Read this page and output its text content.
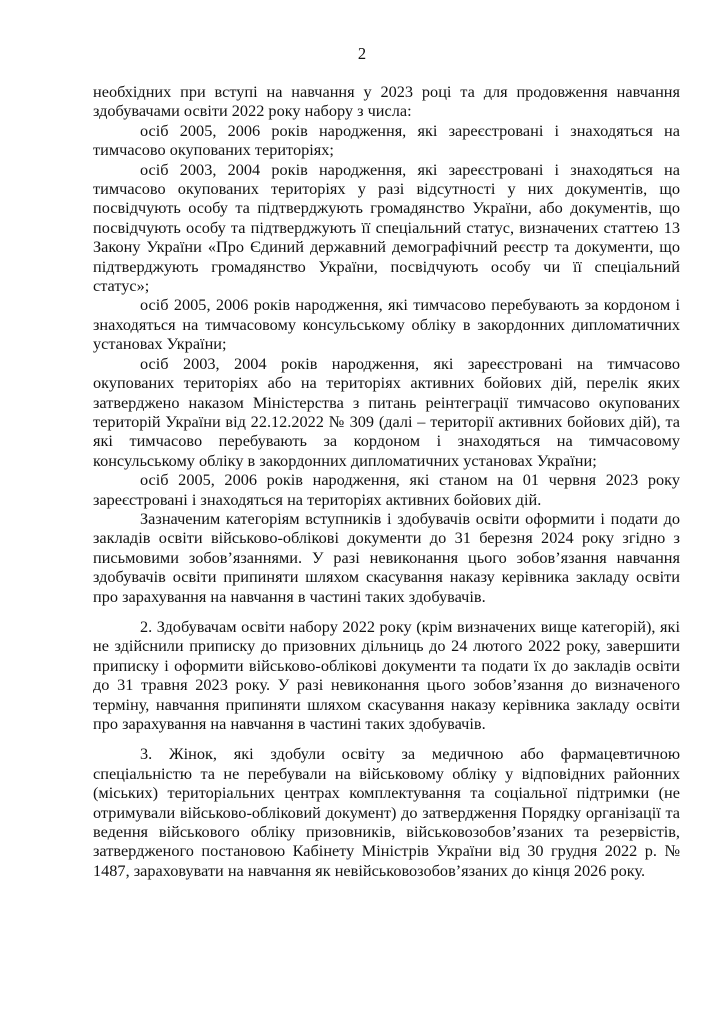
2

необхідних при вступі на навчання у 2023 році та для продовження навчання здобувачами освіти 2022 року набору з числа:

осіб 2005, 2006 років народження, які зареєстровані і знаходяться на тимчасово окупованих територіях;

осіб 2003, 2004 років народження, які зареєстровані і знаходяться на тимчасово окупованих територіях у разі відсутності у них документів, що посвідчують особу та підтверджують громадянство України, або документів, що посвідчують особу та підтверджують її спеціальний статус, визначених статтею 13 Закону України «Про Єдиний державний демографічний реєстр та документи, що підтверджують громадянство України, посвідчують особу чи її спеціальний статус»;

осіб 2005, 2006 років народження, які тимчасово перебувають за кордоном і знаходяться на тимчасовому консульському обліку в закордонних дипломатичних установах України;

осіб 2003, 2004 років народження, які зареєстровані на тимчасово окупованих територіях або на територіях активних бойових дій, перелік яких затверджено наказом Міністерства з питань реінтеграції тимчасово окупованих територій України від 22.12.2022 № 309 (далі – території активних бойових дій), та які тимчасово перебувають за кордоном і знаходяться на тимчасовому консульському обліку в закордонних дипломатичних установах України;

осіб 2005, 2006 років народження, які станом на 01 червня 2023 року зареєстровані і знаходяться на територіях активних бойових дій.

Зазначеним категоріям вступників і здобувачів освіти оформити і подати до закладів освіти військово-облікові документи до 31 березня 2024 року згідно з письмовими зобов’язаннями. У разі невиконання цього зобов’язання навчання здобувачів освіти припиняти шляхом скасування наказу керівника закладу освіти про зарахування на навчання в частині таких здобувачів.

2. Здобувачам освіти набору 2022 року (крім визначених вище категорій), які не здійснили приписку до призовних дільниць до 24 лютого 2022 року, завершити приписку і оформити військово-облікові документи та подати їх до закладів освіти до 31 травня 2023 року. У разі невиконання цього зобов’язання до визначеного терміну, навчання припиняти шляхом скасування наказу керівника закладу освіти про зарахування на навчання в частині таких здобувачів.

3. Жінок, які здобули освіту за медичною або фармацевтичною спеціальністю та не перебували на військовому обліку у відповідних районних (міських) територіальних центрах комплектування та соціальної підтримки (не отримували військово-обліковий документ) до затвердження Порядку організації та ведення військового обліку призовників, військовозобов’язаних та резервістів, затвердженого постановою Кабінету Міністрів України від 30 грудня 2022 р. № 1487, зараховувати на навчання як невійськовозобов’язаних до кінця 2026 року.
